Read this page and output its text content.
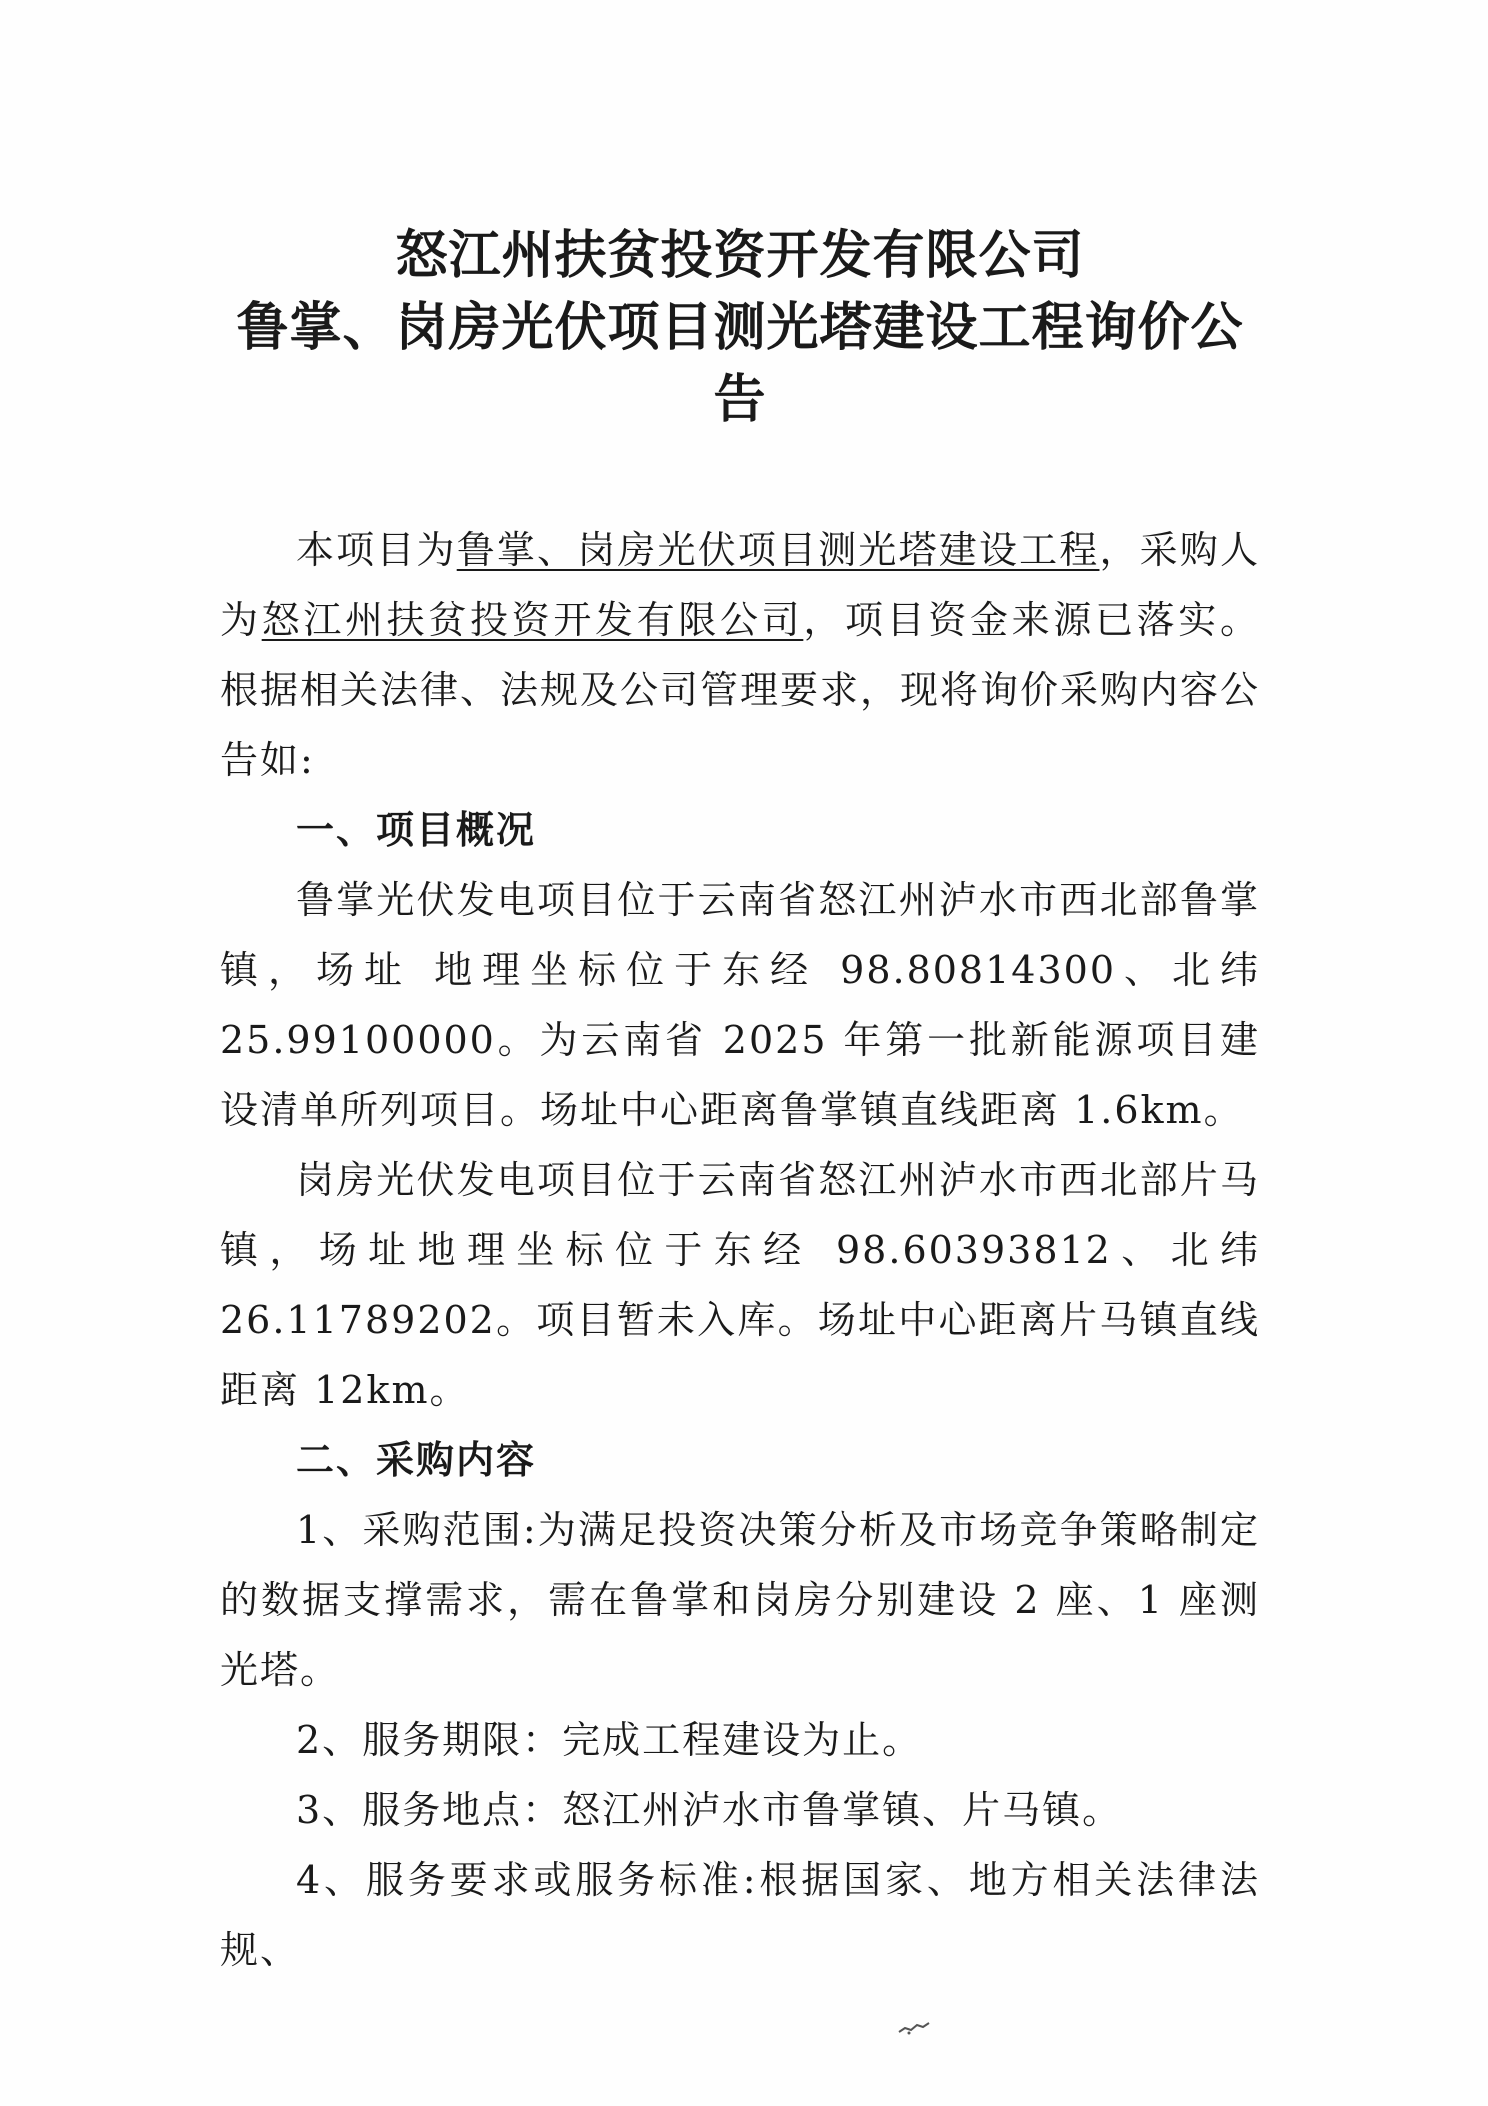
怒江州扶贫投资开发有限公司
鲁掌、岗房光伏项目测光塔建设工程询价公
告

本项目为鲁掌、岗房光伏项目测光塔建设工程，采购人为怒江州扶贫投资开发有限公司，项目资金来源已落实。根据相关法律、法规及公司管理要求，现将询价采购内容公告如:

一、项目概况

鲁掌光伏发电项目位于云南省怒江州泸水市西北部鲁掌镇，场址 地理坐标位于东经 98.80814300、北纬 25.99100000。为云南省 2025 年第一批新能源项目建设清单所列项目。场址中心距离鲁掌镇直线距离 1.6km。

岗房光伏发电项目位于云南省怒江州泸水市西北部片马镇，场址地理坐标位于东经 98.60393812、北纬 26.11789202。项目暂未入库。场址中心距离片马镇直线距离 12km。

二、采购内容

1、采购范围:为满足投资决策分析及市场竞争策略制定的数据支撑需求，需在鲁掌和岗房分别建设 2 座、1 座测光塔。

2、服务期限：完成工程建设为止。

3、服务地点：怒江州泸水市鲁掌镇、片马镇。

4、服务要求或服务标准:根据国家、地方相关法律法规、
